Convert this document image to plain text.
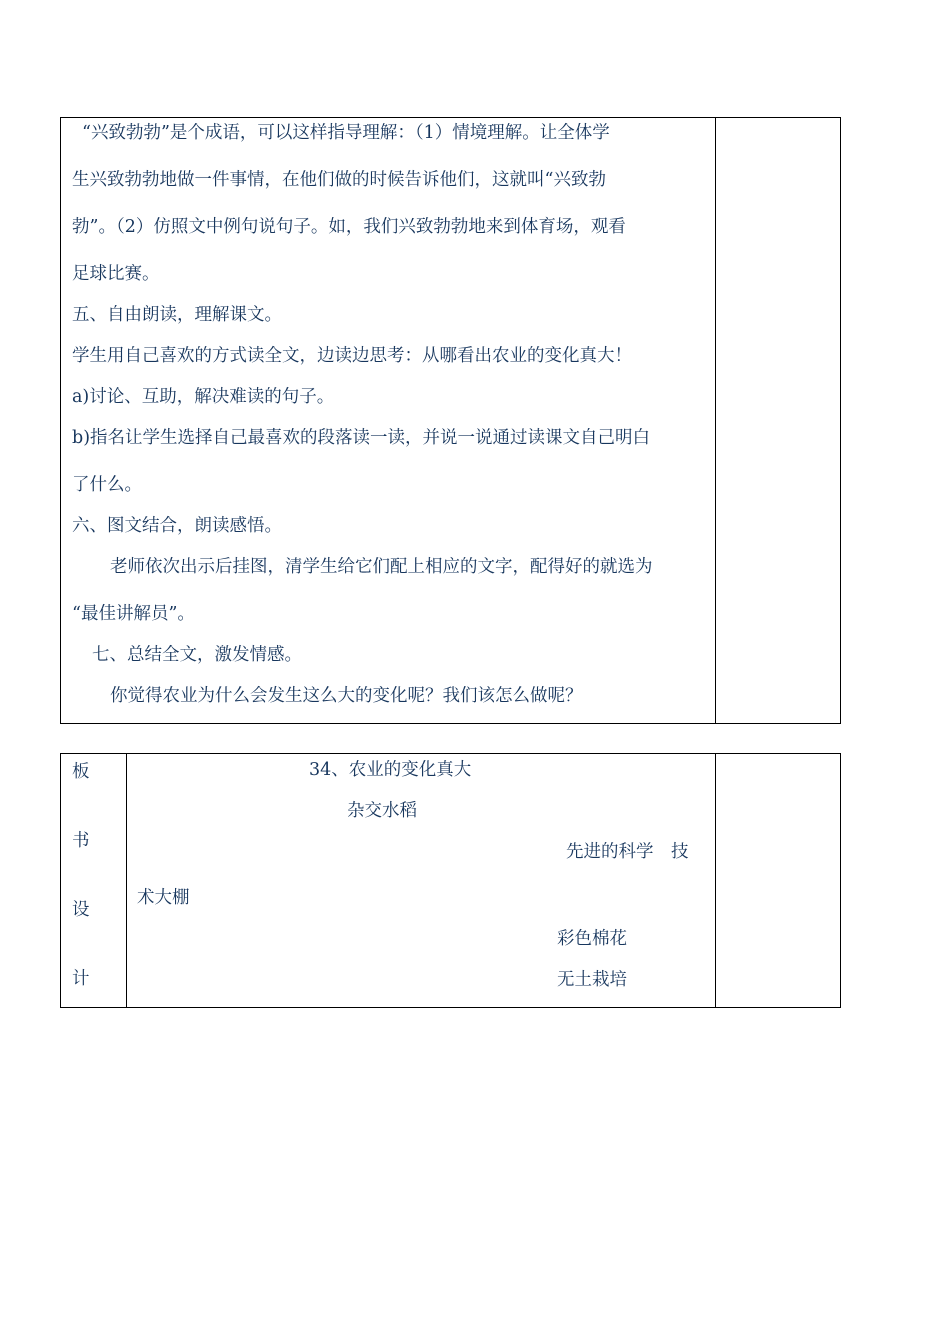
“兴致勃勃”是个成语，可以这样指导理解：（1）情境理解。让全体学
生兴致勃勃地做一件事情，在他们做的时候告诉他们，这就叫“兴致勃
勃”。（2）仿照文中例句说句子。如，我们兴致勃勃地来到体育场，观看
足球比赛。
五、自由朗读，理解课文。
学生用自己喜欢的方式读全文，边读边思考：从哪看出农业的变化真大！
a)讨论、互助，解决难读的句子。
b)指名让学生选择自己最喜欢的段落读一读，并说一说通过读课文自己明白
了什么。
六、图文结合，朗读感悟。
老师依次出示后挂图，清学生给它们配上相应的文字，配得好的就选为
“最佳讲解员”。
七、总结全文，激发情感。
你觉得农业为什么会发生这么大的变化呢？我们该怎么做呢？
板
书
设
计
34、农业的变化真大
杂交水稻
先进的科学　技
术大棚
彩色棉花
无土栽培
